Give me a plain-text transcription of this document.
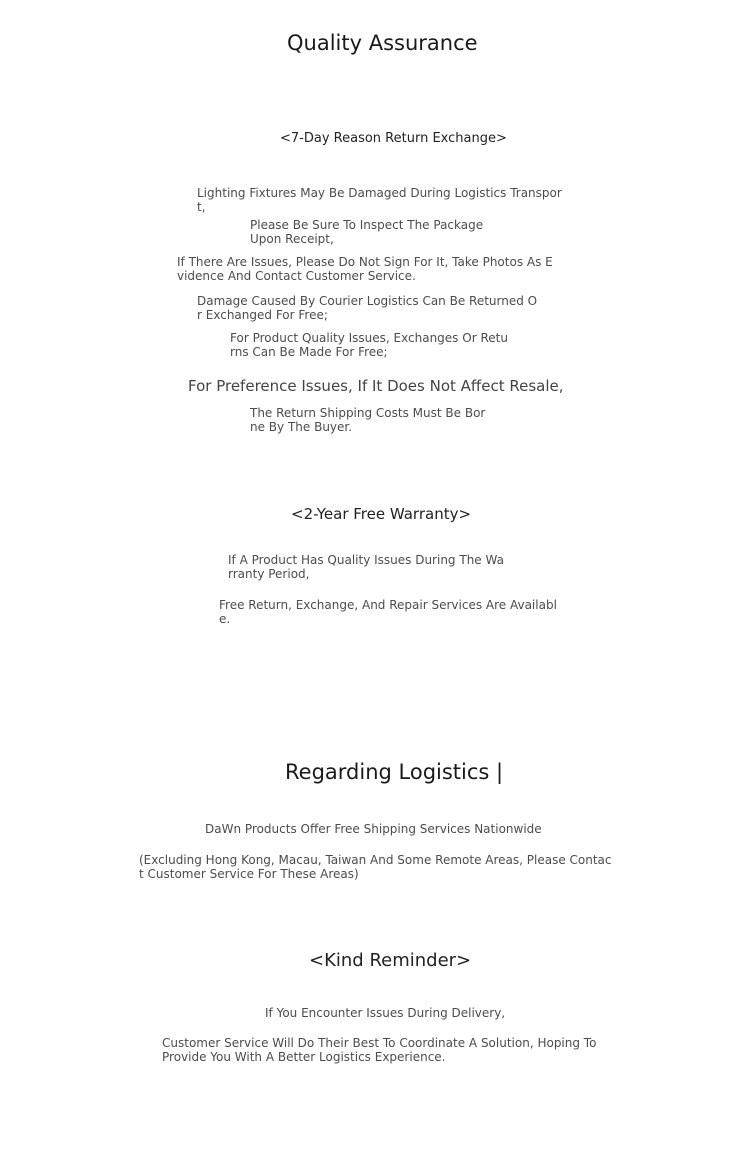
Quality Assurance
<7-Day Reason Return Exchange>
Lighting Fixtures May Be Damaged During Logistics Transport,
Please Be Sure To Inspect The Package Upon Receipt,
If There Are Issues, Please Do Not Sign For It, Take Photos As Evidence And Contact Customer Service.
Damage Caused By Courier Logistics Can Be Returned Or Exchanged For Free;
For Product Quality Issues, Exchanges Or Returns Can Be Made For Free;
For Preference Issues, If It Does Not Affect Resale,
The Return Shipping Costs Must Be Borne By The Buyer.
<2-Year Free Warranty>
If A Product Has Quality Issues During The Warranty Period,
Free Return, Exchange, And Repair Services Are Available.
Regarding Logistics |
DaWn Products Offer Free Shipping Services Nationwide
(Excluding Hong Kong, Macau, Taiwan And Some Remote Areas, Please Contact Customer Service For These Areas)
<Kind Reminder>
If You Encounter Issues During Delivery,
Customer Service Will Do Their Best To Coordinate A Solution, Hoping To Provide You With A Better Logistics Experience.
